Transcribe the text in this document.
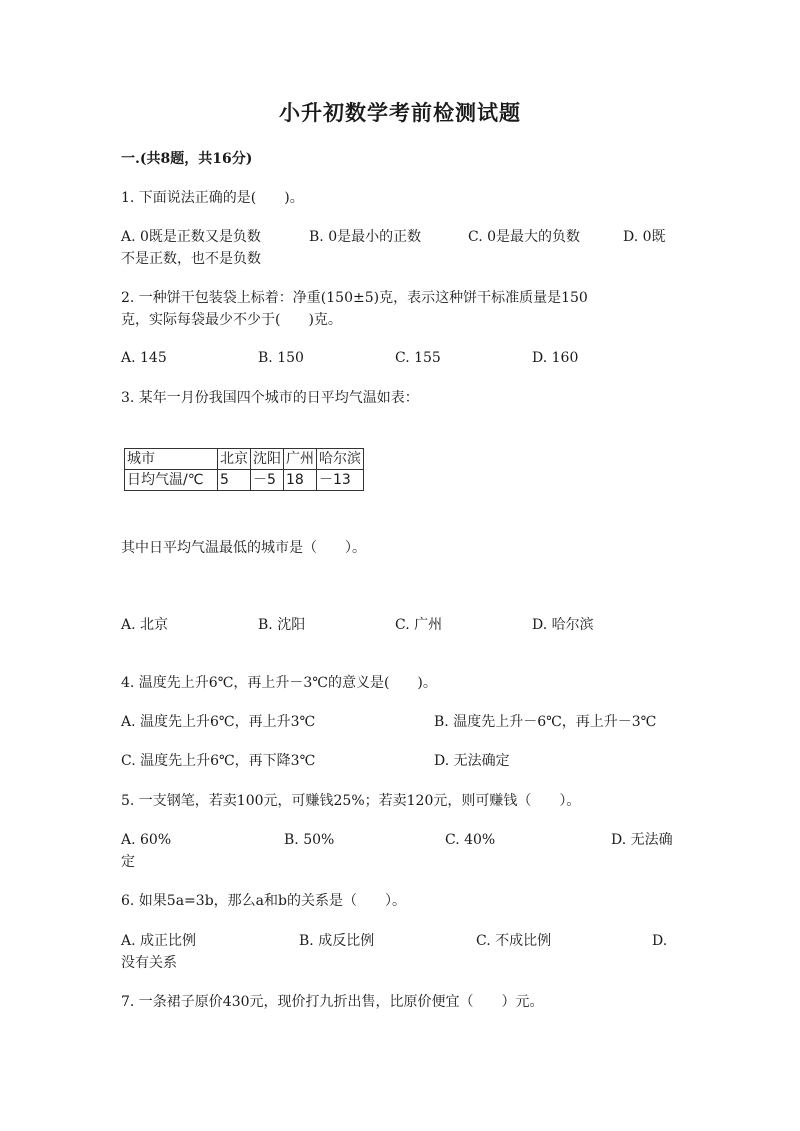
小升初数学考前检测试题
一.(共8题，共16分)
1. 下面说法正确的是(　　)。
A. 0既是正数又是负数	B. 0是最小的正数	C. 0是最大的负数	D. 0既
不是正数，也不是负数
2. 一种饼干包装袋上标着：净重(150±5)克，表示这种饼干标准质量是150
克，实际每袋最少不少于(　　)克。
A. 145	B. 150	C. 155	D. 160
3. 某年一月份我国四个城市的日平均气温如表：
城市	北京	沈阳	广州	哈尔滨
日均气温/℃	5	－5	18	－13
其中日平均气温最低的城市是（　　）。
A. 北京	B. 沈阳	C. 广州	D. 哈尔滨
4. 温度先上升6℃，再上升－3℃的意义是(　　)。
A. 温度先上升6℃，再上升3℃	B. 温度先上升－6℃，再上升－3℃
C. 温度先上升6℃，再下降3℃	D. 无法确定
5. 一支钢笔，若卖100元，可赚钱25%；若卖120元，则可赚钱（　　）。
A. 60%	B. 50%	C. 40%	D. 无法确
定
6. 如果5a=3b，那么a和b的关系是（　　）。
A. 成正比例	B. 成反比例	C. 不成比例	D.
没有关系
7. 一条裙子原价430元，现价打九折出售，比原价便宜（　　）元。
